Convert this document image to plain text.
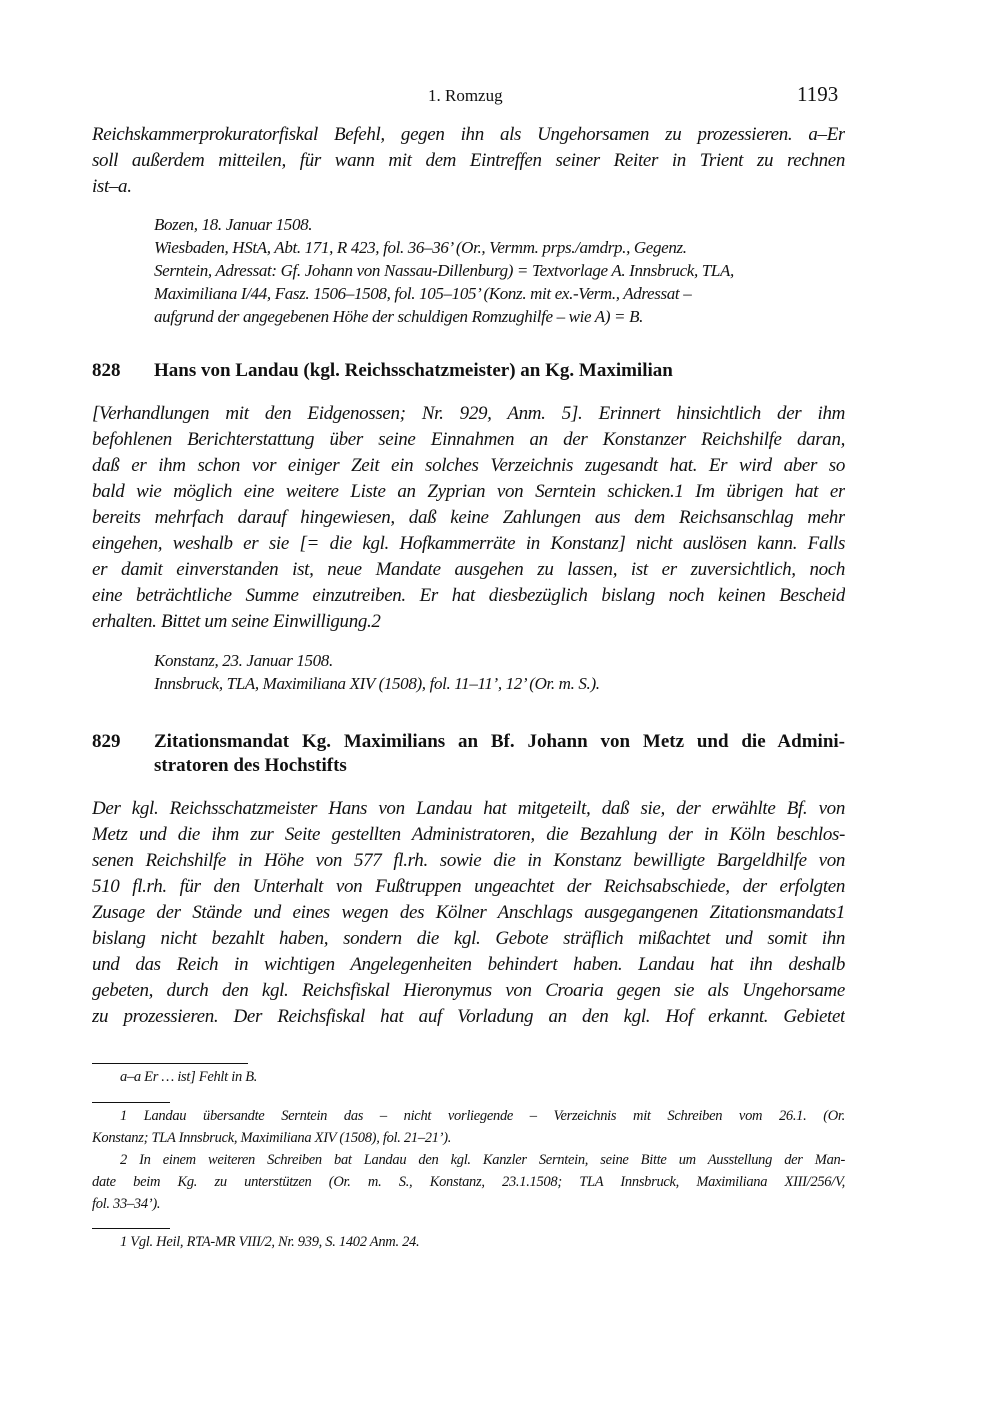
1. Romzug	1193
Reichskammerprokuratorfiskal Befehl, gegen ihn als Ungehorsamen zu prozessieren. a–Er
soll außerdem mitteilen, für wann mit dem Eintreffen seiner Reiter in Trient zu rechnen
ist–a.
Bozen, 18. Januar 1508.
Wiesbaden, HStA, Abt. 171, R 423, fol. 36–36’ (Or., Vermm. prps./amdrp., Gegenz.
Serntein, Adressat: Gf. Johann von Nassau-Dillenburg) = Textvorlage A. Innsbruck, TLA,
Maximiliana I/44, Fasz. 1506–1508, fol. 105–105’ (Konz. mit ex.-Verm., Adressat –
aufgrund der angegebenen Höhe der schuldigen Romzughilfe – wie A) = B.
828 Hans von Landau (kgl. Reichsschatzmeister) an Kg. Maximilian
[Verhandlungen mit den Eidgenossen; Nr. 929, Anm. 5]. Erinnert hinsichtlich der ihm
befohlenen Berichterstattung über seine Einnahmen an der Konstanzer Reichshilfe daran,
daß er ihm schon vor einiger Zeit ein solches Verzeichnis zugesandt hat. Er wird aber so
bald wie möglich eine weitere Liste an Zyprian von Serntein schicken.1 Im übrigen hat er
bereits mehrfach darauf hingewiesen, daß keine Zahlungen aus dem Reichsanschlag mehr
eingehen, weshalb er sie [= die kgl. Hofkammerräte in Konstanz] nicht auslösen kann. Falls
er damit einverstanden ist, neue Mandate ausgehen zu lassen, ist er zuversichtlich, noch
eine beträchtliche Summe einzutreiben. Er hat diesbezüglich bislang noch keinen Bescheid
erhalten. Bittet um seine Einwilligung.2
Konstanz, 23. Januar 1508.
Innsbruck, TLA, Maximiliana XIV (1508), fol. 11–11’, 12’ (Or. m. S.).
829 Zitationsmandat Kg. Maximilians an Bf. Johann von Metz und die Admini-
stratoren des Hochstifts
Der kgl. Reichsschatzmeister Hans von Landau hat mitgeteilt, daß sie, der erwählte Bf. von
Metz und die ihm zur Seite gestellten Administratoren, die Bezahlung der in Köln beschlos-
senen Reichshilfe in Höhe von 577 fl.rh. sowie die in Konstanz bewilligte Bargeldhilfe von
510 fl.rh. für den Unterhalt von Fußtruppen ungeachtet der Reichsabschiede, der erfolgten
Zusage der Stände und eines wegen des Kölner Anschlags ausgegangenen Zitationsmandats1
bislang nicht bezahlt haben, sondern die kgl. Gebote sträflich mißachtet und somit ihn
und das Reich in wichtigen Angelegenheiten behindert haben. Landau hat ihn deshalb
gebeten, durch den kgl. Reichsfiskal Hieronymus von Croaria gegen sie als Ungehorsame
zu prozessieren. Der Reichsfiskal hat auf Vorladung an den kgl. Hof erkannt. Gebietet
a–a Er … ist] Fehlt in B.
1 Landau übersandte Serntein das – nicht vorliegende – Verzeichnis mit Schreiben vom 26.1. (Or.
Konstanz; TLA Innsbruck, Maximiliana XIV (1508), fol. 21–21’).
2 In einem weiteren Schreiben bat Landau den kgl. Kanzler Serntein, seine Bitte um Ausstellung der Man-
date beim Kg. zu unterstützen (Or. m. S., Konstanz, 23.1.1508; TLA Innsbruck, Maximiliana XIII/256/V,
fol. 33–34’).
1 Vgl. Heil, RTA-MR VIII/2, Nr. 939, S. 1402 Anm. 24.
